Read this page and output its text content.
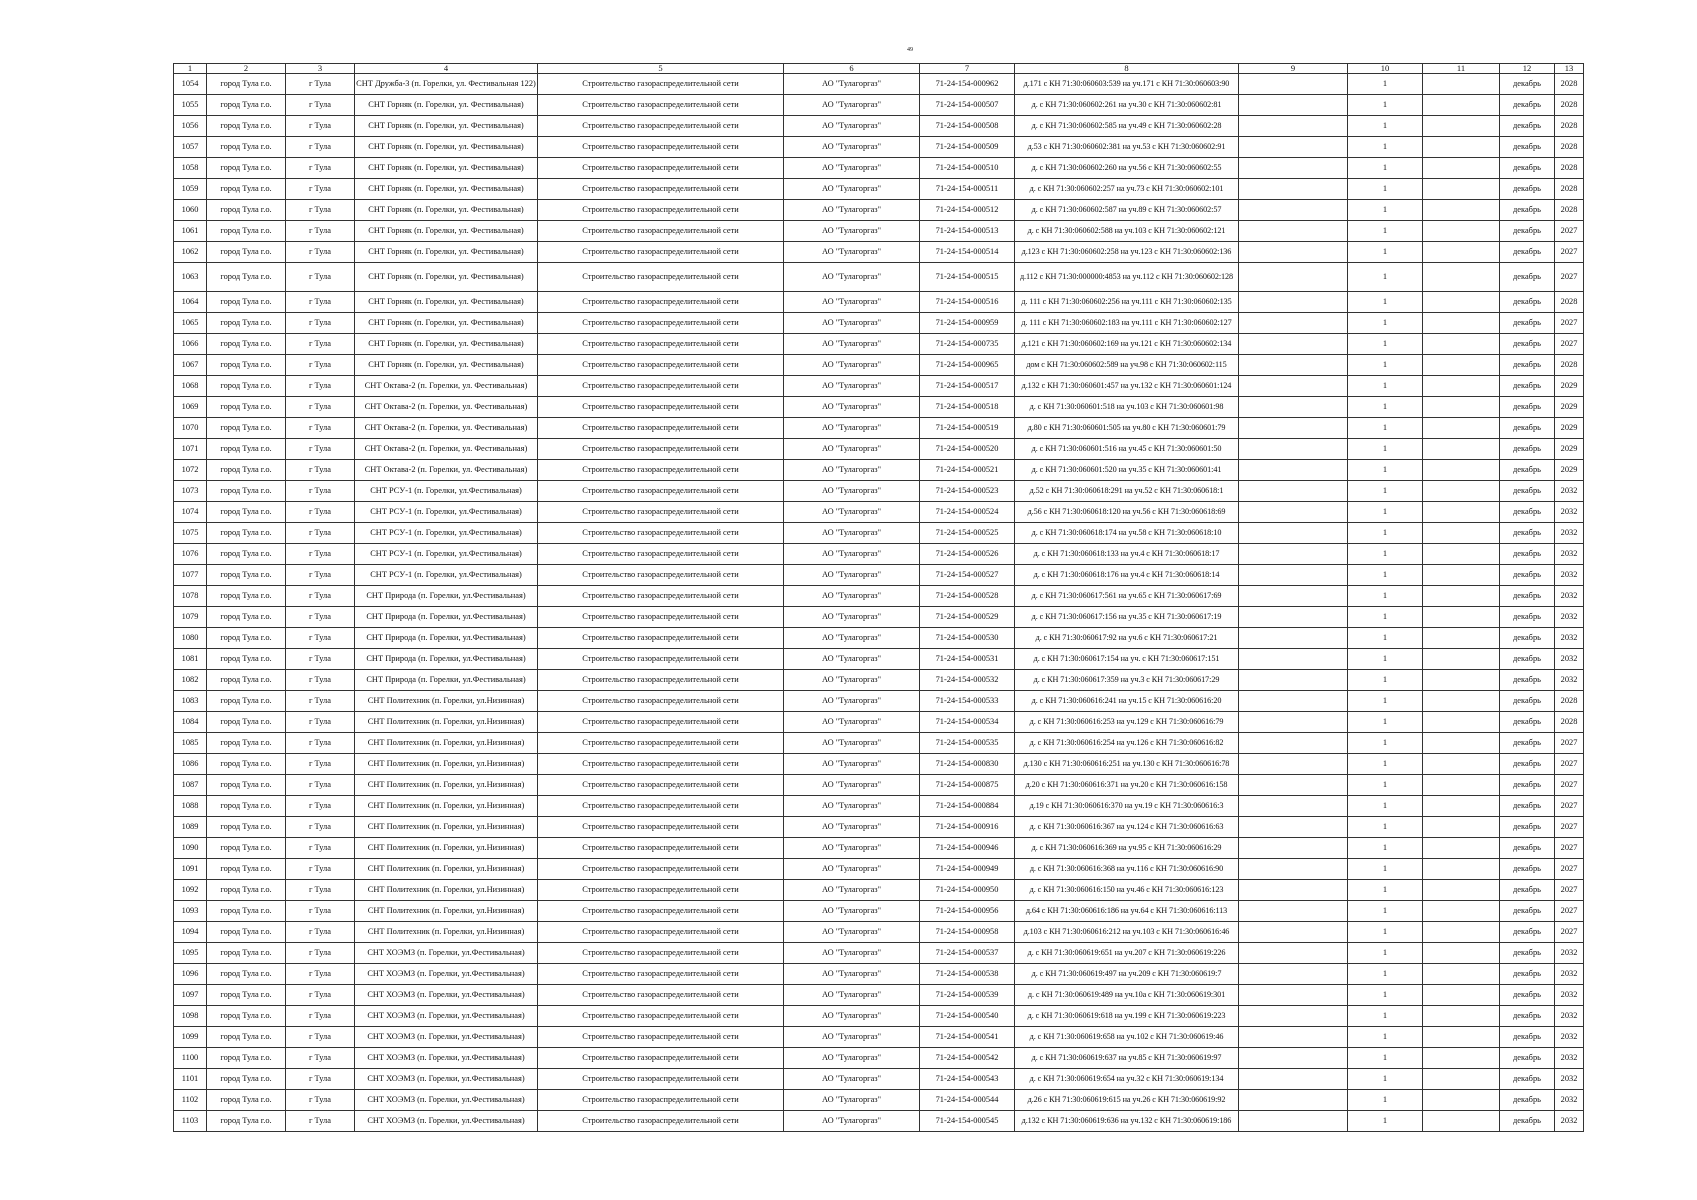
49
1	2	3	4	5	6	7	8	9	10	11	12	13
1054	город Тула г.о.	г Тула	СНТ Дружба-3 (п. Горелки, ул. Фестивальная 122)	Строительство газораспределительной сети	АО "Тулагоргаз"	71-24-154-000962	д.171 с КН 71:30:060603:539 на уч.171 с КН 71:30:060603:90		1		декабрь	2028
1055	город Тула г.о.	г Тула	СНТ Горняк (п. Горелки, ул. Фестивальная)	Строительство газораспределительной сети	АО "Тулагоргаз"	71-24-154-000507	д. с КН 71:30:060602:261 на уч.30 с КН 71:30:060602:81		1		декабрь	2028
1056	город Тула г.о.	г Тула	СНТ Горняк (п. Горелки, ул. Фестивальная)	Строительство газораспределительной сети	АО "Тулагоргаз"	71-24-154-000508	д. с КН 71:30:060602:585 на уч.49 с КН 71:30:060602:28		1		декабрь	2028
1057	город Тула г.о.	г Тула	СНТ Горняк (п. Горелки, ул. Фестивальная)	Строительство газораспределительной сети	АО "Тулагоргаз"	71-24-154-000509	д.53 с КН 71:30:060602:381 на уч.53 с КН 71:30:060602:91		1		декабрь	2028
1058	город Тула г.о.	г Тула	СНТ Горняк (п. Горелки, ул. Фестивальная)	Строительство газораспределительной сети	АО "Тулагоргаз"	71-24-154-000510	д. с КН 71:30:060602:260 на уч.56 с КН 71:30:060602:55		1		декабрь	2028
1059	город Тула г.о.	г Тула	СНТ Горняк (п. Горелки, ул. Фестивальная)	Строительство газораспределительной сети	АО "Тулагоргаз"	71-24-154-000511	д. с КН 71:30:060602:257 на уч.73 с КН 71:30:060602:101		1		декабрь	2028
1060	город Тула г.о.	г Тула	СНТ Горняк (п. Горелки, ул. Фестивальная)	Строительство газораспределительной сети	АО "Тулагоргаз"	71-24-154-000512	д. с КН 71:30:060602:587 на уч.89 с КН 71:30:060602:57		1		декабрь	2028
1061	город Тула г.о.	г Тула	СНТ Горняк (п. Горелки, ул. Фестивальная)	Строительство газораспределительной сети	АО "Тулагоргаз"	71-24-154-000513	д. с КН 71:30:060602:588 на уч.103 с КН 71:30:060602:121		1		декабрь	2027
1062	город Тула г.о.	г Тула	СНТ Горняк (п. Горелки, ул. Фестивальная)	Строительство газораспределительной сети	АО "Тулагоргаз"	71-24-154-000514	д.123 с КН 71:30:060602:258 на уч.123 с КН 71:30:060602:136		1		декабрь	2027
1063	город Тула г.о.	г Тула	СНТ Горняк (п. Горелки, ул. Фестивальная)	Строительство газораспределительной сети	АО "Тулагоргаз"	71-24-154-000515	д.112 с КН 71:30:000000:4853 на уч.112 с КН 71:30:060602:128		1		декабрь	2027
1064	город Тула г.о.	г Тула	СНТ Горняк (п. Горелки, ул. Фестивальная)	Строительство газораспределительной сети	АО "Тулагоргаз"	71-24-154-000516	д. 111 с КН 71:30:060602:256 на уч.111 с КН 71:30:060602:135		1		декабрь	2028
1065	город Тула г.о.	г Тула	СНТ Горняк (п. Горелки, ул. Фестивальная)	Строительство газораспределительной сети	АО "Тулагоргаз"	71-24-154-000959	д. 111 с КН 71:30:060602:183 на уч.111 с КН 71:30:060602:127		1		декабрь	2027
1066	город Тула г.о.	г Тула	СНТ Горняк (п. Горелки, ул. Фестивальная)	Строительство газораспределительной сети	АО "Тулагоргаз"	71-24-154-000735	д.121 с КН 71:30:060602:169 на уч.121 с КН 71:30:060602:134		1		декабрь	2027
1067	город Тула г.о.	г Тула	СНТ Горняк (п. Горелки, ул. Фестивальная)	Строительство газораспределительной сети	АО "Тулагоргаз"	71-24-154-000965	дом с КН 71:30:060602:589 на уч.98 с КН 71:30:060602:115		1		декабрь	2028
1068	город Тула г.о.	г Тула	СНТ Октава-2 (п. Горелки, ул. Фестивальная)	Строительство газораспределительной сети	АО "Тулагоргаз"	71-24-154-000517	д.132 с КН 71:30:060601:457 на уч.132 с КН 71:30:060601:124		1		декабрь	2029
1069	город Тула г.о.	г Тула	СНТ Октава-2 (п. Горелки, ул. Фестивальная)	Строительство газораспределительной сети	АО "Тулагоргаз"	71-24-154-000518	д. с КН 71:30:060601:518 на уч.103 с КН 71:30:060601:98		1		декабрь	2029
1070	город Тула г.о.	г Тула	СНТ Октава-2 (п. Горелки, ул. Фестивальная)	Строительство газораспределительной сети	АО "Тулагоргаз"	71-24-154-000519	д.80 с КН 71:30:060601:505 на уч.80 с КН 71:30:060601:79		1		декабрь	2029
1071	город Тула г.о.	г Тула	СНТ Октава-2 (п. Горелки, ул. Фестивальная)	Строительство газораспределительной сети	АО "Тулагоргаз"	71-24-154-000520	д. с КН 71:30:060601:516 на уч.45 с КН 71:30:060601:50		1		декабрь	2029
1072	город Тула г.о.	г Тула	СНТ Октава-2 (п. Горелки, ул. Фестивальная)	Строительство газораспределительной сети	АО "Тулагоргаз"	71-24-154-000521	д. с КН 71:30:060601:520 на уч.35 с КН 71:30:060601:41		1		декабрь	2029
1073	город Тула г.о.	г Тула	СНТ РСУ-1 (п. Горелки, ул.Фестивальная)	Строительство газораспределительной сети	АО "Тулагоргаз"	71-24-154-000523	д.52 с КН 71:30:060618:291 на уч.52 с КН 71:30:060618:1		1		декабрь	2032
1074	город Тула г.о.	г Тула	СНТ РСУ-1 (п. Горелки, ул.Фестивальная)	Строительство газораспределительной сети	АО "Тулагоргаз"	71-24-154-000524	д.56 с КН 71:30:060618:120 на уч.56 с КН 71:30:060618:69		1		декабрь	2032
1075	город Тула г.о.	г Тула	СНТ РСУ-1 (п. Горелки, ул.Фестивальная)	Строительство газораспределительной сети	АО "Тулагоргаз"	71-24-154-000525	д. с КН 71:30:060618:174 на уч.58 с КН 71:30:060618:10		1		декабрь	2032
1076	город Тула г.о.	г Тула	СНТ РСУ-1 (п. Горелки, ул.Фестивальная)	Строительство газораспределительной сети	АО "Тулагоргаз"	71-24-154-000526	д. с КН 71:30:060618:133 на уч.4 с КН 71:30:060618:17		1		декабрь	2032
1077	город Тула г.о.	г Тула	СНТ РСУ-1 (п. Горелки, ул.Фестивальная)	Строительство газораспределительной сети	АО "Тулагоргаз"	71-24-154-000527	д. с КН 71:30:060618:176 на уч.4 с КН 71:30:060618:14		1		декабрь	2032
1078	город Тула г.о.	г Тула	СНТ Природа (п. Горелки, ул.Фестивальная)	Строительство газораспределительной сети	АО "Тулагоргаз"	71-24-154-000528	д. с КН 71:30:060617:561 на уч.65 с КН 71:30:060617:69		1		декабрь	2032
1079	город Тула г.о.	г Тула	СНТ Природа (п. Горелки, ул.Фестивальная)	Строительство газораспределительной сети	АО "Тулагоргаз"	71-24-154-000529	д. с КН 71:30:060617:156 на уч.35 с КН 71:30:060617:19		1		декабрь	2032
1080	город Тула г.о.	г Тула	СНТ Природа (п. Горелки, ул.Фестивальная)	Строительство газораспределительной сети	АО "Тулагоргаз"	71-24-154-000530	д. с КН 71:30:060617:92 на уч.6 с КН 71:30:060617:21		1		декабрь	2032
1081	город Тула г.о.	г Тула	СНТ Природа (п. Горелки, ул.Фестивальная)	Строительство газораспределительной сети	АО "Тулагоргаз"	71-24-154-000531	д. с КН 71:30:060617:154 на уч. с КН 71:30:060617:151		1		декабрь	2032
1082	город Тула г.о.	г Тула	СНТ Природа (п. Горелки, ул.Фестивальная)	Строительство газораспределительной сети	АО "Тулагоргаз"	71-24-154-000532	д. с КН 71:30:060617:359 на уч.3 с КН 71:30:060617:29		1		декабрь	2032
1083	город Тула г.о.	г Тула	СНТ Политехник (п. Горелки, ул.Низинная)	Строительство газораспределительной сети	АО "Тулагоргаз"	71-24-154-000533	д. с КН 71:30:060616:241 на уч.15 с КН 71:30:060616:20		1		декабрь	2028
1084	город Тула г.о.	г Тула	СНТ Политехник (п. Горелки, ул.Низинная)	Строительство газораспределительной сети	АО "Тулагоргаз"	71-24-154-000534	д. с КН 71:30:060616:253 на уч.129 с КН 71:30:060616:79		1		декабрь	2028
1085	город Тула г.о.	г Тула	СНТ Политехник (п. Горелки, ул.Низинная)	Строительство газораспределительной сети	АО "Тулагоргаз"	71-24-154-000535	д. с КН 71:30:060616:254 на уч.126 с КН 71:30:060616:82		1		декабрь	2027
1086	город Тула г.о.	г Тула	СНТ Политехник (п. Горелки, ул.Низинная)	Строительство газораспределительной сети	АО "Тулагоргаз"	71-24-154-000830	д.130 с КН 71:30:060616:251 на уч.130 с КН 71:30:060616:78		1		декабрь	2027
1087	город Тула г.о.	г Тула	СНТ Политехник (п. Горелки, ул.Низинная)	Строительство газораспределительной сети	АО "Тулагоргаз"	71-24-154-000875	д.20 с КН 71:30:060616:371 на уч.20 с КН 71:30:060616:158		1		декабрь	2027
1088	город Тула г.о.	г Тула	СНТ Политехник (п. Горелки, ул.Низинная)	Строительство газораспределительной сети	АО "Тулагоргаз"	71-24-154-000884	д.19 с КН 71:30:060616:370 на уч.19 с КН 71:30:060616:3		1		декабрь	2027
1089	город Тула г.о.	г Тула	СНТ Политехник (п. Горелки, ул.Низинная)	Строительство газораспределительной сети	АО "Тулагоргаз"	71-24-154-000916	д. с КН 71:30:060616:367 на уч.124 с КН 71:30:060616:63		1		декабрь	2027
1090	город Тула г.о.	г Тула	СНТ Политехник (п. Горелки, ул.Низинная)	Строительство газораспределительной сети	АО "Тулагоргаз"	71-24-154-000946	д. с КН 71:30:060616:369 на уч.95 с КН 71:30:060616:29		1		декабрь	2027
1091	город Тула г.о.	г Тула	СНТ Политехник (п. Горелки, ул.Низинная)	Строительство газораспределительной сети	АО "Тулагоргаз"	71-24-154-000949	д. с КН 71:30:060616:368 на уч.116 с КН 71:30:060616:90		1		декабрь	2027
1092	город Тула г.о.	г Тула	СНТ Политехник (п. Горелки, ул.Низинная)	Строительство газораспределительной сети	АО "Тулагоргаз"	71-24-154-000950	д. с КН 71:30:060616:150 на уч.46 с КН 71:30:060616:123		1		декабрь	2027
1093	город Тула г.о.	г Тула	СНТ Политехник (п. Горелки, ул.Низинная)	Строительство газораспределительной сети	АО "Тулагоргаз"	71-24-154-000956	д.64 с КН 71:30:060616:186 на уч.64 с КН 71:30:060616:113		1		декабрь	2027
1094	город Тула г.о.	г Тула	СНТ Политехник (п. Горелки, ул.Низинная)	Строительство газораспределительной сети	АО "Тулагоргаз"	71-24-154-000958	д.103 с КН 71:30:060616:212 на уч.103 с КН 71:30:060616:46		1		декабрь	2027
1095	город Тула г.о.	г Тула	СНТ ХОЭМЗ (п. Горелки, ул.Фестивальная)	Строительство газораспределительной сети	АО "Тулагоргаз"	71-24-154-000537	д. с КН 71:30:060619:651 на уч.207 с КН 71:30:060619:226		1		декабрь	2032
1096	город Тула г.о.	г Тула	СНТ ХОЭМЗ (п. Горелки, ул.Фестивальная)	Строительство газораспределительной сети	АО "Тулагоргаз"	71-24-154-000538	д. с КН 71:30:060619:497 на уч.209 с КН 71:30:060619:7		1		декабрь	2032
1097	город Тула г.о.	г Тула	СНТ ХОЭМЗ (п. Горелки, ул.Фестивальная)	Строительство газораспределительной сети	АО "Тулагоргаз"	71-24-154-000539	д. с КН 71:30:060619:489 на уч.10а с КН 71:30:060619:301		1		декабрь	2032
1098	город Тула г.о.	г Тула	СНТ ХОЭМЗ (п. Горелки, ул.Фестивальная)	Строительство газораспределительной сети	АО "Тулагоргаз"	71-24-154-000540	д. с КН 71:30:060619:618 на уч.199 с КН 71:30:060619:223		1		декабрь	2032
1099	город Тула г.о.	г Тула	СНТ ХОЭМЗ (п. Горелки, ул.Фестивальная)	Строительство газораспределительной сети	АО "Тулагоргаз"	71-24-154-000541	д. с КН 71:30:060619:658 на уч.102 с КН 71:30:060619:46		1		декабрь	2032
1100	город Тула г.о.	г Тула	СНТ ХОЭМЗ (п. Горелки, ул.Фестивальная)	Строительство газораспределительной сети	АО "Тулагоргаз"	71-24-154-000542	д. с КН 71:30:060619:637 на уч.85 с КН 71:30:060619:97		1		декабрь	2032
1101	город Тула г.о.	г Тула	СНТ ХОЭМЗ (п. Горелки, ул.Фестивальная)	Строительство газораспределительной сети	АО "Тулагоргаз"	71-24-154-000543	д. с КН 71:30:060619:654 на уч.32 с КН 71:30:060619:134		1		декабрь	2032
1102	город Тула г.о.	г Тула	СНТ ХОЭМЗ (п. Горелки, ул.Фестивальная)	Строительство газораспределительной сети	АО "Тулагоргаз"	71-24-154-000544	д.26 с КН 71:30:060619:615 на уч.26 с КН 71:30:060619:92		1		декабрь	2032
1103	город Тула г.о.	г Тула	СНТ ХОЭМЗ (п. Горелки, ул.Фестивальная)	Строительство газораспределительной сети	АО "Тулагоргаз"	71-24-154-000545	д.132 с КН 71:30:060619:636 на уч.132 с КН 71:30:060619:186		1		декабрь	2032
